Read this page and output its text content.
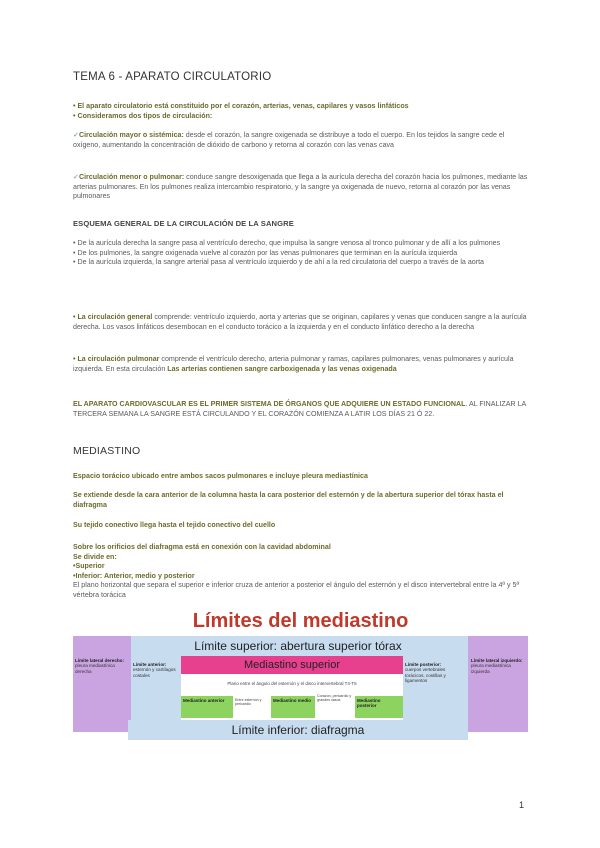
TEMA 6 - APARATO CIRCULATORIO
• El aparato circulatorio está constituido por el corazón, arterias, venas, capilares y vasos linfáticos
• Consideramos dos tipos de circulación:
✓Circulación mayor o sistémica: desde el corazón, la sangre oxigenada se distribuye a todo el cuerpo. En los tejidos la sangre cede el oxígeno, aumentando la concentración de dióxido de carbono y retorna al corazón con las venas cava
✓Circulación menor o pulmonar: conduce sangre desoxigenada que llega a la aurícula derecha del corazón hacia los pulmones, mediante las arterias pulmonares. En los pulmones realiza intercambio respiratorio, y la sangre ya oxigenada de nuevo, retorna al corazón por las venas pulmonares
ESQUEMA GENERAL DE LA CIRCULACIÓN DE LA SANGRE
• De la aurícula derecha la sangre pasa al ventrículo derecho, que impulsa la sangre venosa al tronco pulmonar y de allí a los pulmones
• De los pulmones, la sangre oxigenada vuelve al corazón por las venas pulmonares que terminan en la aurícula izquierda
• De la aurícula izquierda, la sangre arterial pasa al ventrículo izquierdo y de ahí a la red circulatoria del cuerpo a través de la aorta
• La circulación general comprende: ventrículo izquierdo, aorta y arterias que se originan, capilares y venas que conducen sangre a la aurícula derecha. Los vasos linfáticos desembocan en el conducto torácico a la izquierda y en el conducto linfático derecho a la derecha
• La circulación pulmonar comprende el ventrículo derecho, arteria pulmonar y ramas, capilares pulmonares, venas pulmonares y aurícula izquierda. En esta circulación Las arterias contienen sangre carboxigenada y las venas oxigenada
EL APARATO CARDIOVASCULAR ES EL PRIMER SISTEMA DE ÓRGANOS QUE ADQUIERE UN ESTADO FUNCIONAL. AL FINALIZAR LA TERCERA SEMANA LA SANGRE ESTÁ CIRCULANDO Y EL CORAZÓN COMIENZA A LATIR LOS DÍAS 21 Ó 22.
MEDIASTINO
Espacio torácico ubicado entre ambos sacos pulmonares e incluye pleura mediastínica
Se extiende desde la cara anterior de la columna hasta la cara posterior del esternón y de la abertura superior del tórax hasta el diafragma
Su tejido conectivo llega hasta el tejido conectivo del cuello
Sobre los orificios del diafragma está en conexión con la cavidad abdominal
Se divide en:
•Superior
•Inferior: Anterior, medio y posterior
El plano horizontal que separa el superior e inferior cruza de anterior a posterior el ángulo del esternón y el disco intervertebral entre la 4ª y 5ª vértebra torácica
Límites del mediastino
Límite superior: abertura superior tórax
Límite lateral derecho:
pleura mediastínica derecha
Límite lateral izquierdo:
pleura mediastínica izquierda
Límite anterior:
esternón y cartílagos costales
Límite posterior:
cuerpos vertebrales torácicos, costillas y ligamentos
Mediastino superior
Plano entre el ángulo del esternón y el disco intervertebral T4-T5
Mediastino anterior	Entre esternón y pericardio
Mediastino medio
Corazón, pericardio y grandes vasos	Mediastino posterior
Límite inferior: diafragma
1
